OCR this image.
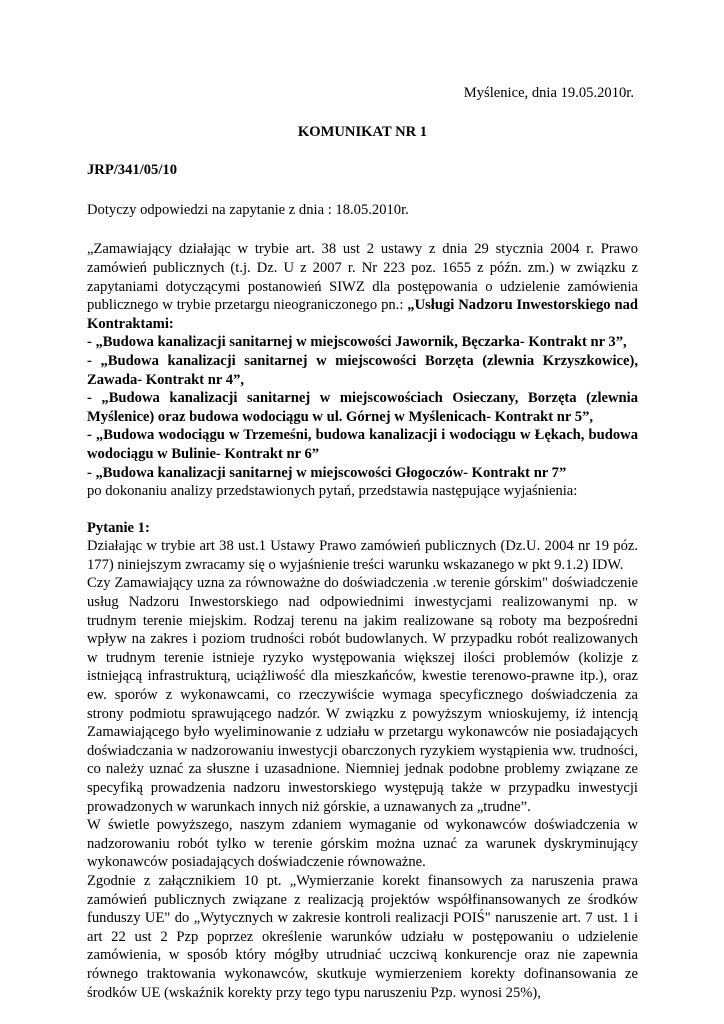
Myślenice, dnia 19.05.2010r.

KOMUNIKAT NR 1

JRP/341/05/10

Dotyczy odpowiedzi na zapytanie z dnia : 18.05.2010r.

„Zamawiający działając w trybie art. 38 ust 2 ustawy z dnia 29 stycznia 2004 r. Prawo zamówień publicznych (t.j. Dz. U z 2007 r. Nr 223 poz. 1655 z późn. zm.) w związku z zapytaniami dotyczącymi postanowień SIWZ dla postępowania o udzielenie zamówienia publicznego w trybie przetargu nieograniczonego pn.: „Usługi Nadzoru Inwestorskiego nad Kontraktami:

- „Budowa kanalizacji sanitarnej w miejscowości Jawornik, Bęczarka- Kontrakt nr 3”,

- „Budowa kanalizacji sanitarnej w miejscowości Borzęta (zlewnia Krzyszkowice), Zawada- Kontrakt nr 4”,

- „Budowa kanalizacji sanitarnej w miejscowościach Osieczany, Borzęta (zlewnia Myślenice) oraz budowa wodociągu w ul. Górnej w Myślenicach- Kontrakt nr 5”,

- „Budowa wodociągu w Trzemeśni, budowa kanalizacji i wodociągu w Łękach, budowa wodociągu w Bulinie- Kontrakt nr 6”

- „Budowa kanalizacji sanitarnej w miejscowości Głogoczów- Kontrakt nr 7”

po dokonaniu analizy przedstawionych pytań, przedstawia następujące wyjaśnienia:

Pytanie 1:

Działając w trybie art 38 ust.1 Ustawy Prawo zamówień publicznych (Dz.U. 2004 nr 19 póz. 177) niniejszym zwracamy się o wyjaśnienie treści warunku wskazanego w pkt 9.1.2) IDW.

Czy Zamawiający uzna za równoważne do doświadczenia .w terenie górskim" doświadczenie usług Nadzoru Inwestorskiego nad odpowiednimi inwestycjami realizowanymi np. w trudnym terenie miejskim. Rodzaj terenu na jakim realizowane są roboty ma bezpośredni wpływ na zakres i poziom trudności robót budowlanych. W przypadku robót realizowanych w trudnym terenie istnieje ryzyko występowania większej ilości problemów (kolizje z istniejącą infrastrukturą, uciążliwość dla mieszkańców, kwestie terenowo-prawne itp.), oraz ew. sporów z wykonawcami, co rzeczywiście wymaga specyficznego doświadczenia za strony podmiotu sprawującego nadzór. W związku z powyższym wnioskujemy, iż intencją Zamawiającego było wyeliminowanie z udziału w przetargu wykonawców nie posiadających doświadczania w nadzorowaniu inwestycji obarczonych ryzykiem wystąpienia ww. trudności, co należy uznać za słuszne i uzasadnione. Niemniej jednak podobne problemy związane ze specyfiką prowadzenia nadzoru inwestorskiego występują także w przypadku inwestycji prowadzonych w warunkach innych niż górskie, a uznawanych za „trudne”.

W świetle powyższego, naszym zdaniem wymaganie od wykonawców doświadczenia w nadzorowaniu robót tylko w terenie górskim można uznać za warunek dyskryminujący wykonawców posiadających doświadczenie równoważne.

Zgodnie z załącznikiem 10 pt. „Wymierzanie korekt finansowych za naruszenia prawa zamówień publicznych związane z realizacją projektów współfinansowanych ze środków funduszy UE" do „Wytycznych w zakresie kontroli realizacji POIŚ" naruszenie art. 7 ust. 1 i art 22 ust 2 Pzp poprzez określenie warunków udziału w postępowaniu o udzielenie zamówienia, w sposób który mógłby utrudniać uczciwą konkurencje oraz nie zapewnia równego traktowania wykonawców, skutkuje wymierzeniem korekty dofinansowania ze środków UE (wskaźnik korekty przy tego typu naruszeniu Pzp. wynosi 25%),
